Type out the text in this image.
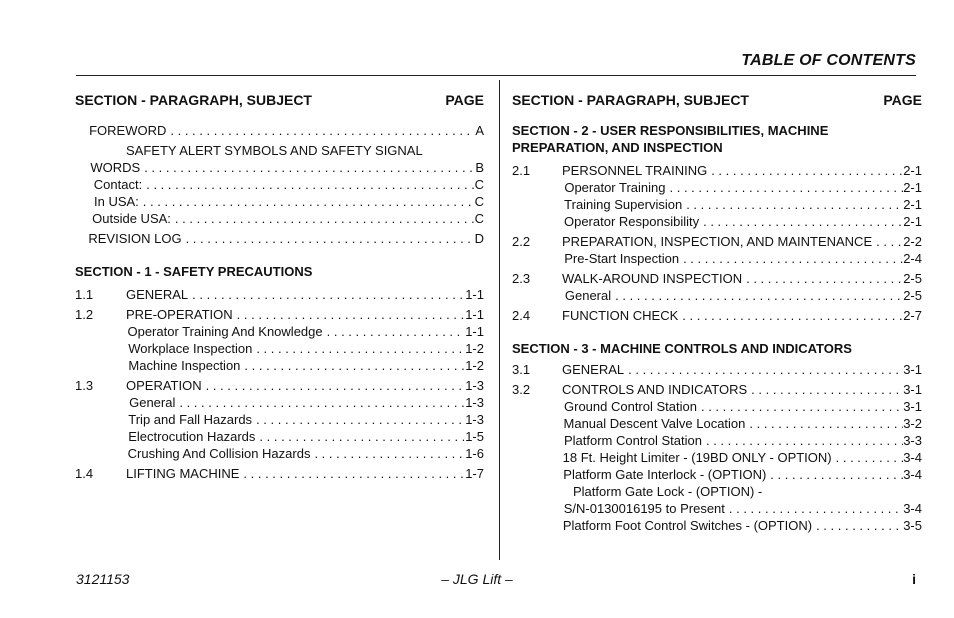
TABLE OF CONTENTS
SECTION - PARAGRAPH, SUBJECT	PAGE
FOREWORD . . .	A
SAFETY ALERT SYMBOLS AND SAFETY SIGNAL
WORDS . . .	B
Contact: . . .	C
In USA: . . .	C
Outside USA: . . .	C
REVISION LOG . . .	D
SECTION - 1 - SAFETY PRECAUTIONS
1.1	GENERAL . . .	1-1
1.2	PRE-OPERATION . . .	1-1
Operator Training And Knowledge . . .	1-1
Workplace Inspection . . .	1-2
Machine Inspection . . .	1-2
1.3	OPERATION . . .	1-3
General . . .	1-3
Trip and Fall Hazards . . .	1-3
Electrocution Hazards . . .	1-5
Crushing And Collision Hazards . . .	1-6
1.4	LIFTING MACHINE . . .	1-7
SECTION - PARAGRAPH, SUBJECT	PAGE
SECTION - 2 - USER RESPONSIBILITIES, MACHINE
PREPARATION, AND INSPECTION
2.1	PERSONNEL TRAINING . . .	2-1
Operator Training . . .	2-1
Training Supervision . . .	2-1
Operator Responsibility . . .	2-1
2.2	PREPARATION, INSPECTION, AND MAINTENANCE . . . 2-2
Pre-Start Inspection . . .	2-4
2.3	WALK-AROUND INSPECTION . . .	2-5
General . . .	2-5
2.4	FUNCTION CHECK . . .	2-7
SECTION - 3 - MACHINE CONTROLS AND INDICATORS
3.1	GENERAL . . .	3-1
3.2	CONTROLS AND INDICATORS . . .	3-1
Ground Control Station . . .	3-1
Manual Descent Valve Location . . .	3-2
Platform Control Station . . .	3-3
18 Ft. Height Limiter - (19BD ONLY - OPTION) . . .	3-4
Platform Gate Interlock - (OPTION) . . .	3-4
Platform Gate Lock - (OPTION) -
S/N-0130016195 to Present . . .	3-4
Platform Foot Control Switches - (OPTION) . . .	3-5
3121153	– JLG Lift –	i
